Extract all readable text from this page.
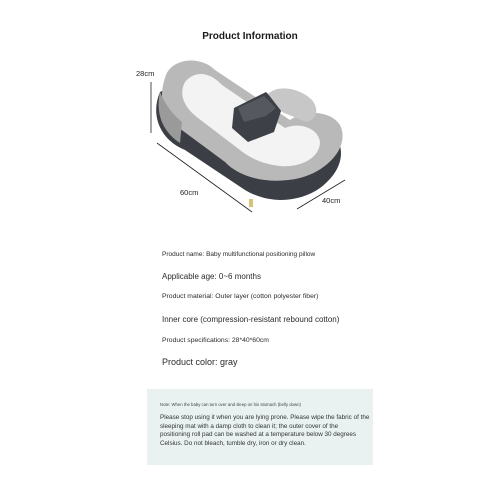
Product Information
28cm
60cm
40cm
Product name: Baby multifunctional positioning pillow
Applicable age: 0~6 months
Product material: Outer layer (cotton polyester fiber)
Inner core (compression-resistant rebound cotton)
Product specifications: 28*40*60cm
Product color: gray
Note: When the baby can turn over and sleep on his stomach (belly down)
Please stop using it when you are lying prone. Please wipe the fabric of the sleeping mat with a damp cloth to clean it; the outer cover of the positioning roll pad can be washed at a temperature below 30 degrees Celsius. Do not bleach, tumble dry, iron or dry clean.
